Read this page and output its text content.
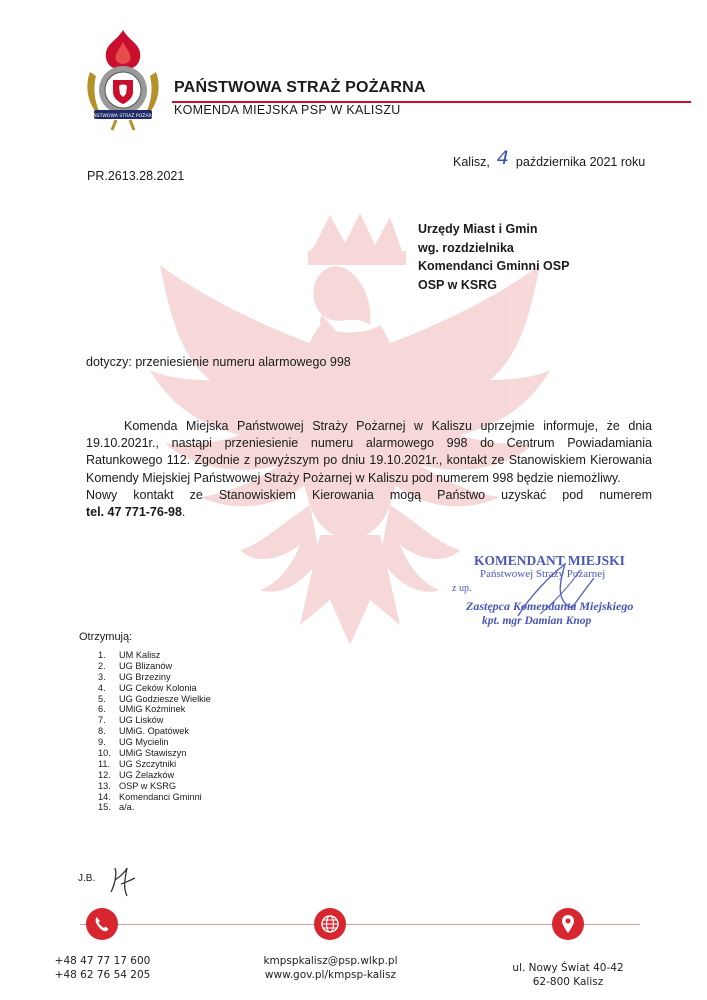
PAŃSTWOWA STRAŻ POŻARNA
PAŃSTWOWA STRAŻ POŻARNA
KOMENDA MIEJSKA PSP W KALISZU
Kalisz, 4 października 2021 roku
PR.2613.28.2021
Urzędy Miast i Gmin
wg. rozdzielnika
Komendanci Gminni OSP
OSP w KSRG
dotyczy: przeniesienie numeru alarmowego 998

Komenda Miejska Państwowej Straży Pożarnej w Kaliszu uprzejmie informuje, że dnia 19.10.2021r., nastąpi przeniesienie numeru alarmowego 998 do Centrum Powiadamiania Ratunkowego 112. Zgodnie z powyższym po dniu 19.10.2021r., kontakt ze Stanowiskiem Kierowania Komendy Miejskiej Państwowej Straży Pożarnej w Kaliszu pod numerem 998 będzie niemożliwy.

Nowy kontakt ze Stanowiskiem Kierowania mogą Państwo uzyskać pod numerem

tel. 47 771-76-98.

KOMENDANT MIEJSKI
Państwowej Straży Pożarnej
z up.
Zastępca Komendanta Miejskiego
kpt. mgr Damian Knop
Otrzymują:
1. UM Kalisz
2. UG Blizanów
3. UG Brzeziny
4. UG Ceków Kolonia
5. UG Godziesze Wielkie
6. UMiG Koźminek
7. UG Lisków
8. UMiG. Opatówek
9. UG Mycielin
10. UMiG Stawiszyn
11. UG Szczytniki
12. UG Żelazków
13. OSP w KSRG
14. Komendanci Gminni
15. a/a.
J.B.
+48 47 77 17 600
+48 62 76 54 205
kmpspkalisz@psp.wlkp.pl
www.gov.pl/kmpsp-kalisz
ul. Nowy Świat 40-42
62-800 Kalisz
